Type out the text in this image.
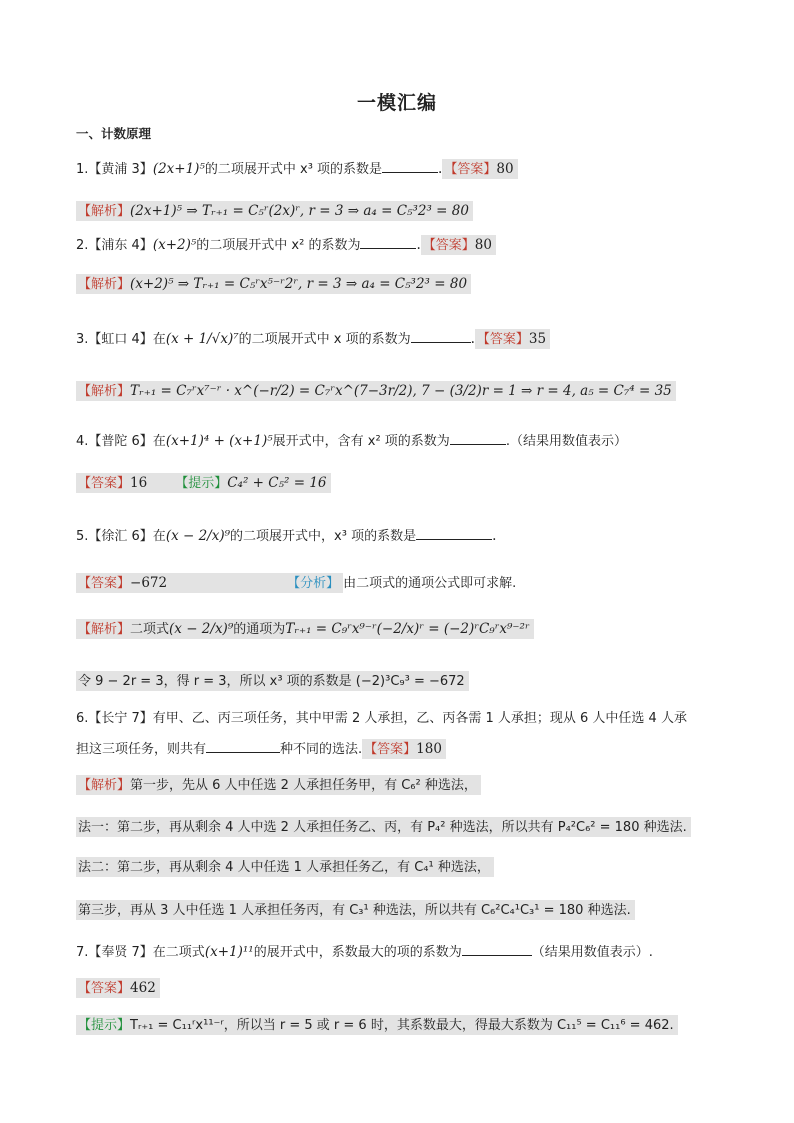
一模汇编
一、计数原理
1.【黄浦 3】(2x+1)⁵的二项展开式中 x³ 项的系数是	. 【答案】80
【解析】(2x+1)⁵ ⇒ Tᵣ₊₁ = C₅ʳ(2x)ʳ, r = 3 ⇒ a₄ = C₅³2³ = 80
2.【浦东 4】(x+2)⁵的二项展开式中 x² 的系数为	. 【答案】80
【解析】(x+2)⁵ ⇒ Tᵣ₊₁ = C₅ʳx⁵⁻ʳ2ʳ, r = 3 ⇒ a₄ = C₅³2³ = 80
3.【虹口 4】在(x + 1/√x)⁷的二项展开式中 x 项的系数为	. 【答案】35
【解析】Tᵣ₊₁ = C₇ʳx⁷⁻ʳ · x^(−r/2) = C₇ʳx^(7−3r/2), 7 − (3/2)r = 1 ⇒ r = 4, a₅ = C₇⁴ = 35
4.【普陀 6】在(x+1)⁴ + (x+1)⁵展开式中，含有 x² 项的系数为	.（结果用数值表示）
【答案】16 【提示】C₄² + C₅² = 16
5.【徐汇 6】在(x − 2/x)⁹的二项展开式中，x³ 项的系数是	.
【答案】−672	【分析】 由二项式的通项公式即可求解.
【解析】二项式(x − 2/x)⁹的通项为Tᵣ₊₁ = C₉ʳx⁹⁻ʳ(−2/x)ʳ = (−2)ʳC₉ʳx⁹⁻²ʳ
令 9 − 2r = 3，得 r = 3，所以 x³ 项的系数是 (−2)³C₉³ = −672
6.【长宁 7】有甲、乙、丙三项任务，其中甲需 2 人承担，乙、丙各需 1 人承担；现从 6 人中任选 4 人承
担这三项任务，则共有	种不同的选法. 【答案】180
【解析】第一步，先从 6 人中任选 2 人承担任务甲，有 C₆² 种选法，
法一：第二步，再从剩余 4 人中选 2 人承担任务乙、丙，有 P₄² 种选法，所以共有 P₄²C₆² = 180 种选法.
法二：第二步，再从剩余 4 人中任选 1 人承担任务乙，有 C₄¹ 种选法，
第三步，再从 3 人中任选 1 人承担任务丙，有 C₃¹ 种选法，所以共有 C₆²C₄¹C₃¹ = 180 种选法.
7.【奉贤 7】在二项式(x+1)¹¹的展开式中，系数最大的项的系数为	（结果用数值表示）.
【答案】462
【提示】Tᵣ₊₁ = C₁₁ʳx¹¹⁻ʳ，所以当 r = 5 或 r = 6 时，其系数最大，得最大系数为 C₁₁⁵ = C₁₁⁶ = 462.
